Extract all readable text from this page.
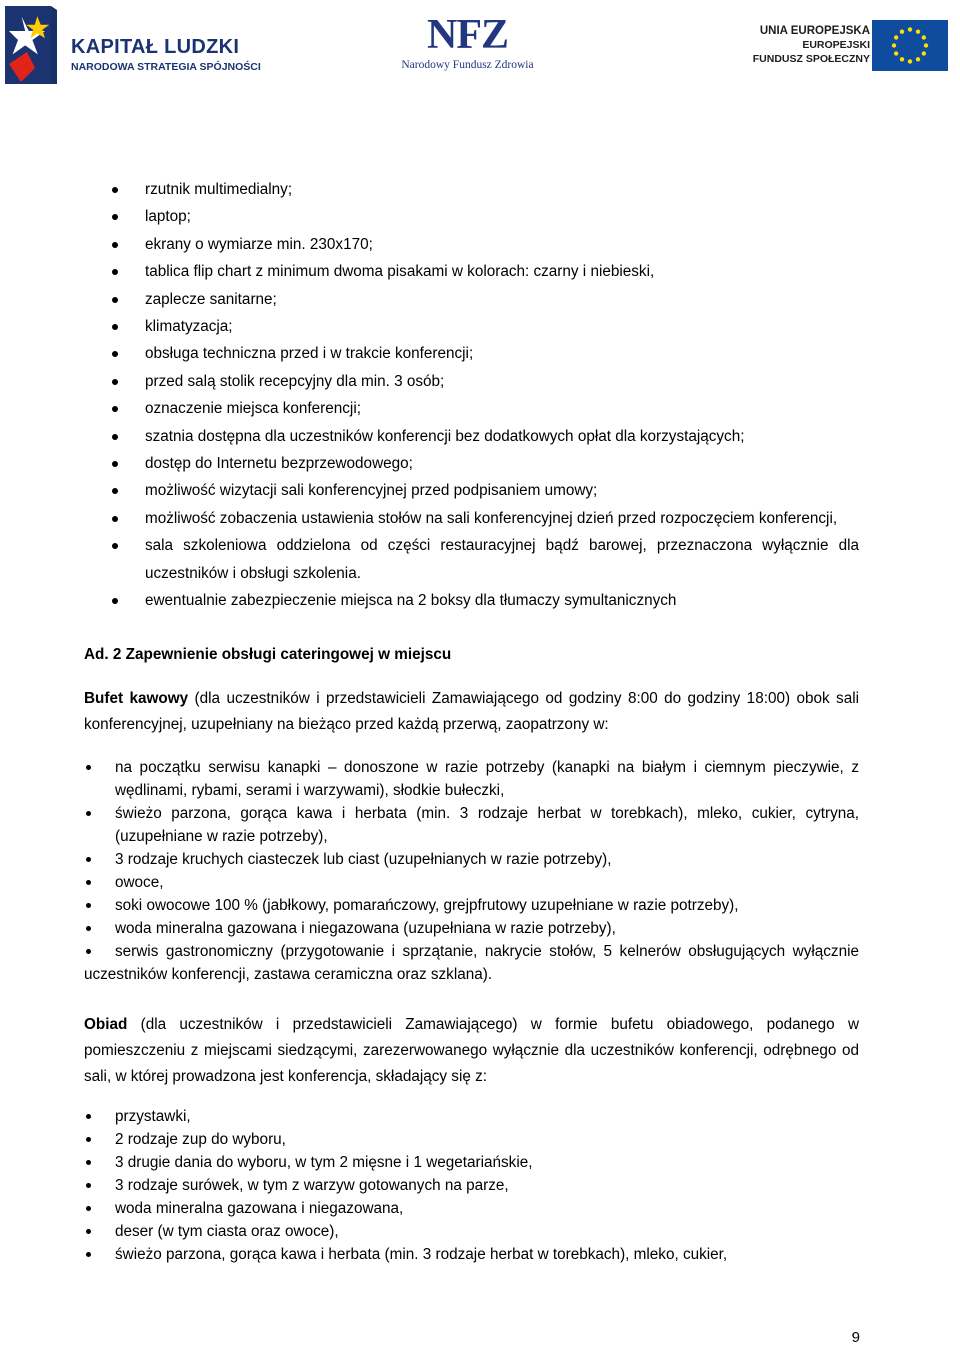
KAPITAŁ LUDZKI
NARODOWA STRATEGIA SPÓJNOŚCI
NFZ
Narodowy Fundusz Zdrowia
UNIA EUROPEJSKA
EUROPEJSKI
FUNDUSZ SPOŁECZNY
rzutnik multimedialny;
laptop;
ekrany o wymiarze min. 230x170;
tablica flip chart z minimum dwoma pisakami w kolorach: czarny i niebieski,
zaplecze sanitarne;
klimatyzacja;
obsługa techniczna przed i w trakcie konferencji;
przed salą stolik recepcyjny dla min. 3 osób;
oznaczenie miejsca konferencji;
szatnia dostępna dla uczestników konferencji bez dodatkowych opłat dla korzystających;
dostęp do Internetu bezprzewodowego;
możliwość wizytacji sali konferencyjnej przed podpisaniem umowy;
możliwość zobaczenia ustawienia stołów na sali konferencyjnej dzień przed rozpoczęciem konferencji,
sala szkoleniowa oddzielona od części restauracyjnej bądź barowej, przeznaczona wyłącznie dla uczestników i obsługi szkolenia.
ewentualnie zabezpieczenie miejsca na 2 boksy dla tłumaczy symultanicznych
Ad. 2 Zapewnienie obsługi cateringowej w miejscu

Bufet kawowy (dla uczestników i przedstawicieli Zamawiającego od godziny 8:00 do godziny 18:00) obok sali konferencyjnej, uzupełniany na bieżąco przed każdą przerwą, zaopatrzony w:

na początku serwisu kanapki – donoszone w razie potrzeby (kanapki na białym i ciemnym pieczywie, z wędlinami, rybami, serami i warzywami), słodkie bułeczki,
świeżo parzona, gorąca kawa i herbata (min. 3 rodzaje herbat w torebkach), mleko, cukier, cytryna, (uzupełniane w razie potrzeby),
3 rodzaje kruchych ciasteczek lub ciast (uzupełnianych w razie potrzeby),
owoce,
soki owocowe 100 % (jabłkowy, pomarańczowy, grejpfrutowy uzupełniane w razie potrzeby),
woda mineralna gazowana i niegazowana (uzupełniana w razie potrzeby),
serwis gastronomiczny (przygotowanie i sprzątanie, nakrycie stołów, 5 kelnerów obsługujących wyłącznie uczestników konferencji, zastawa ceramiczna oraz szklana).

Obiad (dla uczestników i przedstawicieli Zamawiającego) w formie bufetu obiadowego, podanego w pomieszczeniu z miejscami siedzącymi, zarezerwowanego wyłącznie dla uczestników konferencji, odrębnego od sali, w której prowadzona jest konferencja, składający się z:

przystawki,
2 rodzaje zup do wyboru,
3 drugie dania do wyboru, w tym 2 mięsne i 1 wegetariańskie,
3 rodzaje surówek, w tym z warzyw gotowanych na parze,
woda mineralna gazowana i niegazowana,
deser (w tym ciasta oraz owoce),
świeżo parzona, gorąca kawa i herbata (min. 3 rodzaje herbat w torebkach), mleko, cukier,
9
